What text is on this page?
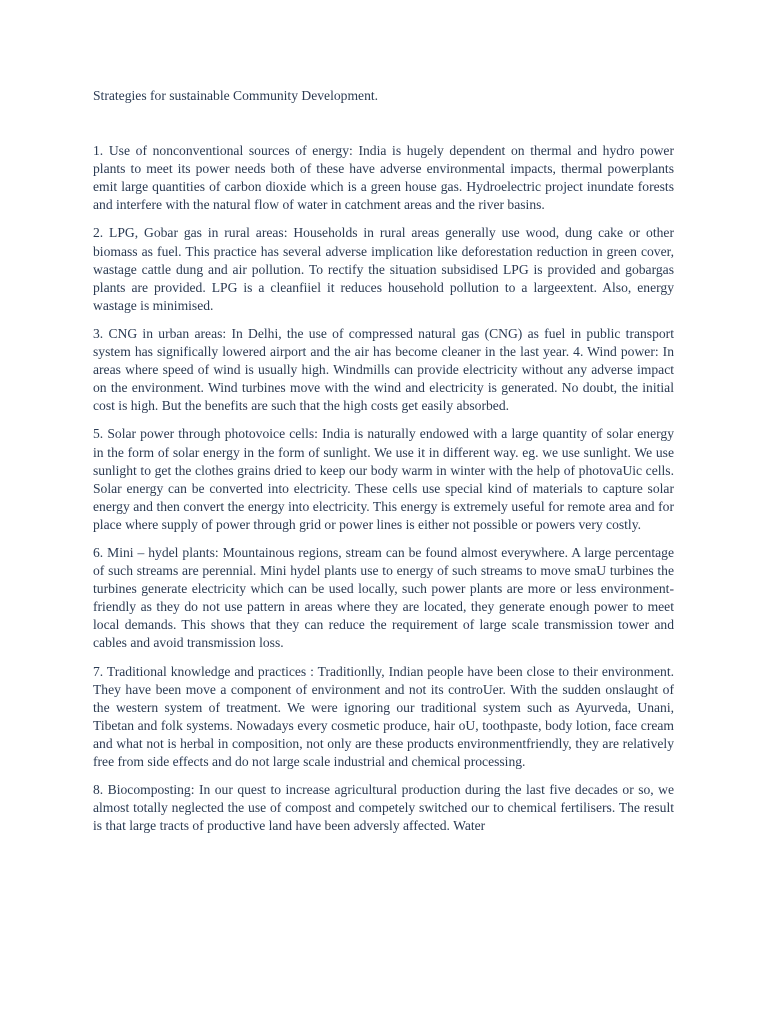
Strategies for sustainable Community Development.

1. Use of nonconventional sources of energy: India is hugely dependent on thermal and hydro power plants to meet its power needs both of these have adverse environmental impacts, thermal powerplants emit large quantities of carbon dioxide which is a green house gas. Hydroelectric project inundate forests and interfere with the natural flow of water in catchment areas and the river basins.

2. LPG, Gobar gas in rural areas: Households in rural areas generally use wood, dung cake or other biomass as fuel. This practice has several adverse implication like deforestation reduction in green cover, wastage cattle dung and air pollution. To rectify the situation subsidised LPG is provided and gobargas plants are provided. LPG is a cleanfiiel it reduces household pollution to a largeextent. Also, energy wastage is minimised.

3. CNG in urban areas: In Delhi, the use of compressed natural gas (CNG) as fuel in public transport system has significally lowered airport and the air has become cleaner in the last year. 4. Wind power: In areas where speed of wind is usually high. Windmills can provide electricity without any adverse impact on the environment. Wind turbines move with the wind and electricity is generated. No doubt, the initial cost is high. But the benefits are such that the high costs get easily absorbed.

5. Solar power through photovoice cells: India is naturally endowed with a large quantity of solar energy in the form of solar energy in the form of sunlight. We use it in different way. eg. we use sunlight. We use sunlight to get the clothes grains dried to keep our body warm in winter with the help of photovaUic cells. Solar energy can be converted into electricity. These cells use special kind of materials to capture solar energy and then convert the energy into electricity. This energy is extremely useful for remote area and for place where supply of power through grid or power lines is either not possible or powers very costly.

6. Mini – hydel plants: Mountainous regions, stream can be found almost everywhere. A large percentage of such streams are perennial. Mini hydel plants use to energy of such streams to move smaU turbines the turbines generate electricity which can be used locally, such power plants are more or less environment-friendly as they do not use pattern in areas where they are located, they generate enough power to meet local demands. This shows that they can reduce the requirement of large scale transmission tower and cables and avoid transmission loss.

7. Traditional knowledge and practices : Traditionlly, Indian people have been close to their environment. They have been move a component of environment and not its controUer. With the sudden onslaught of the western system of treatment. We were ignoring our traditional system such as Ayurveda, Unani, Tibetan and folk systems. Nowadays every cosmetic produce, hair oU, toothpaste, body lotion, face cream and what not is herbal in composition, not only are these products environmentfriendly, they are relatively free from side effects and do not large scale industrial and chemical processing.

8. Biocomposting: In our quest to increase agricultural production during the last five decades or so, we almost totally neglected the use of compost and competely switched our to chemical fertilisers. The result is that large tracts of productive land have been adversly affected. Water
